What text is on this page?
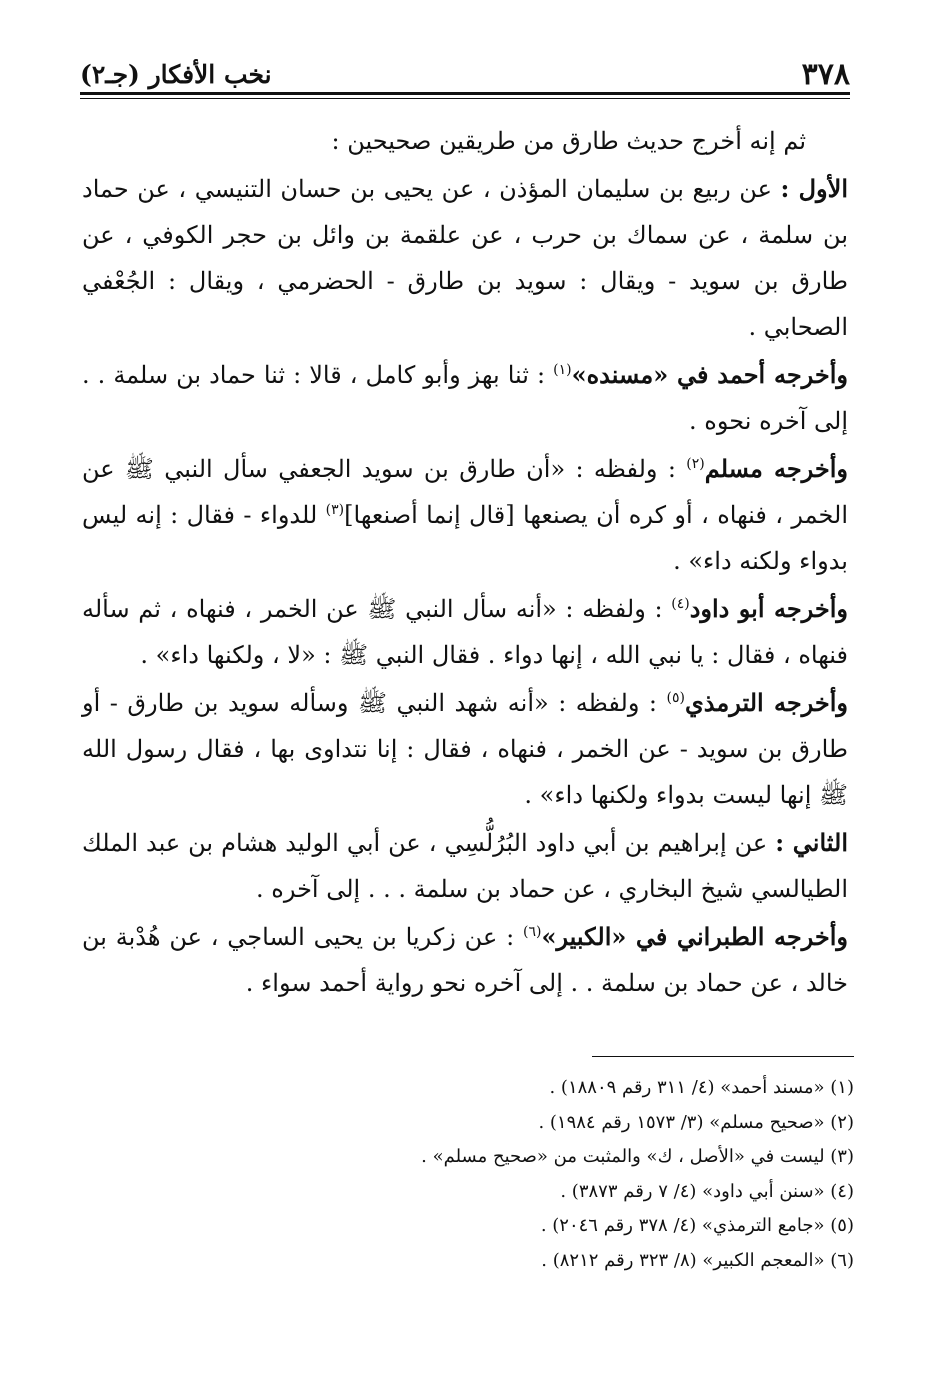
٣٧٨
نخب الأفكار (جـ٢)

ثم إنه أخرج حديث طارق من طريقين صحيحين :

الأول : عن ربيع بن سليمان المؤذن ، عن يحيى بن حسان التنيسي ، عن حماد بن سلمة ، عن سماك بن حرب ، عن علقمة بن وائل بن حجر الكوفي ، عن طارق بن سويد - ويقال : سويد بن طارق - الحضرمي ، ويقال : الجُعْفي الصحابي .

وأخرجه أحمد في «مسنده»$^{(١)}$ : ثنا بهز وأبو كامل ، قالا : ثنا حماد بن سلمة . . إلى آخره نحوه .

وأخرجه مسلم$^{(٢)}$ : ولفظه : «أن طارق بن سويد الجعفي سأل النبي ﷺ عن الخمر ، فنهاه ، أو كره أن يصنعها [قال إنما أصنعها]$^{(٣)}$ للدواء - فقال : إنه ليس بدواء ولكنه داء» .

وأخرجه أبو داود$^{(٤)}$ : ولفظه : «أنه سأل النبي ﷺ عن الخمر ، فنهاه ، ثم سأله فنهاه ، فقال : يا نبي الله ، إنها دواء . فقال النبي ﷺ : «لا ، ولكنها داء» .

وأخرجه الترمذي$^{(٥)}$ : ولفظه : «أنه شهد النبي ﷺ وسأله سويد بن طارق - أو طارق بن سويد - عن الخمر ، فنهاه ، فقال : إنا نتداوى بها ، فقال رسول الله ﷺ إنها ليست بدواء ولكنها داء» .

الثاني : عن إبراهيم بن أبي داود البُرُلُّسِي ، عن أبي الوليد هشام بن عبد الملك الطيالسي شيخ البخاري ، عن حماد بن سلمة . . . إلى آخره .

وأخرجه الطبراني في «الكبير»$^{(٦)}$ : عن زكريا بن يحيى الساجي ، عن هُدْبة بن خالد ، عن حماد بن سلمة . . إلى آخره نحو رواية أحمد سواء .

(١) «مسند أحمد» (٤/ ٣١١ رقم ١٨٨٠٩) .
(٢) «صحيح مسلم» (٣/ ١٥٧٣ رقم ١٩٨٤) .
(٣) ليست في «الأصل ، ك» والمثبت من «صحيح مسلم» .
(٤) «سنن أبي داود» (٤/ ٧ رقم ٣٨٧٣) .
(٥) «جامع الترمذي» (٤/ ٣٧٨ رقم ٢٠٤٦) .
(٦) «المعجم الكبير» (٨/ ٣٢٣ رقم ٨٢١٢) .
